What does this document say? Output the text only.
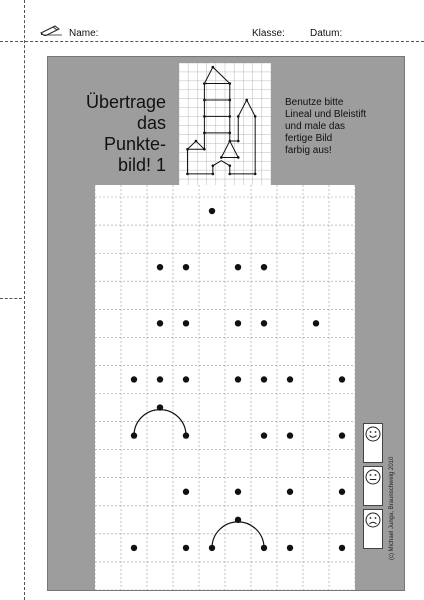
Name:	Klasse:	Datum:
Übertrage
das
Punkte-
bild! 1
Benutze bitte
Lineal und Bleistift
und male das
fertige Bild
farbig aus!
(c) Michael Junga, Braunschweig 2010
